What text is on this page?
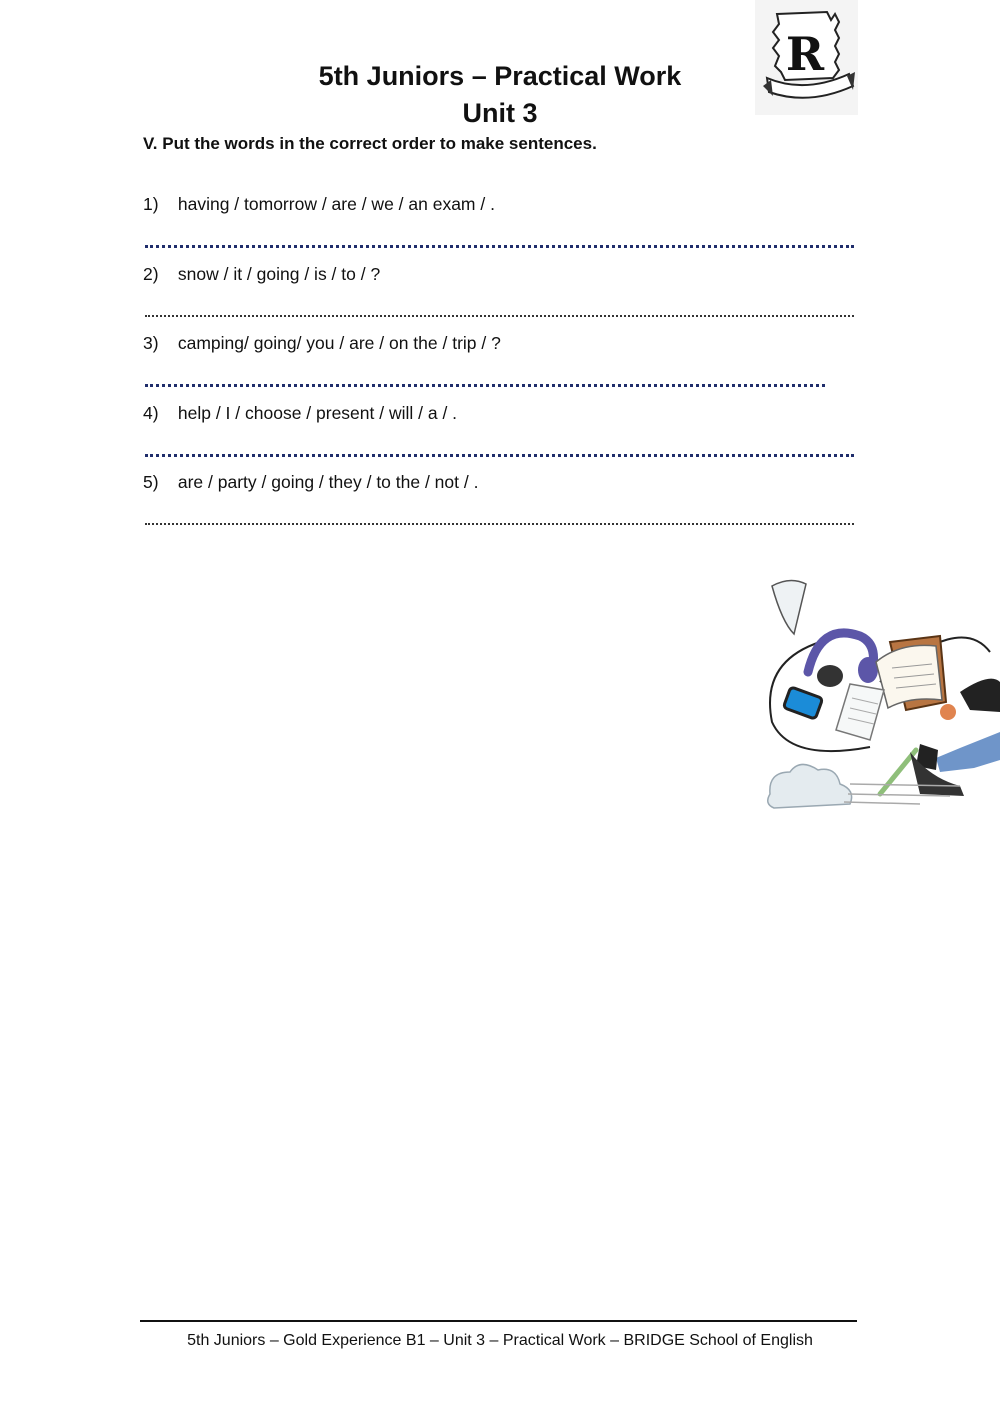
R
5th Juniors – Practical Work
Unit 3
V. Put the words in the correct order to make sentences.
1) having / tomorrow / are / we / an exam / .
2) snow / it / going / is / to / ?
3) camping/ going/ you / are / on the / trip / ?
4) help / I / choose / present / will / a / .
5) are / party / going / they / to the / not / .
5th Juniors – Gold Experience B1 – Unit 3 – Practical Work – BRIDGE School of English
